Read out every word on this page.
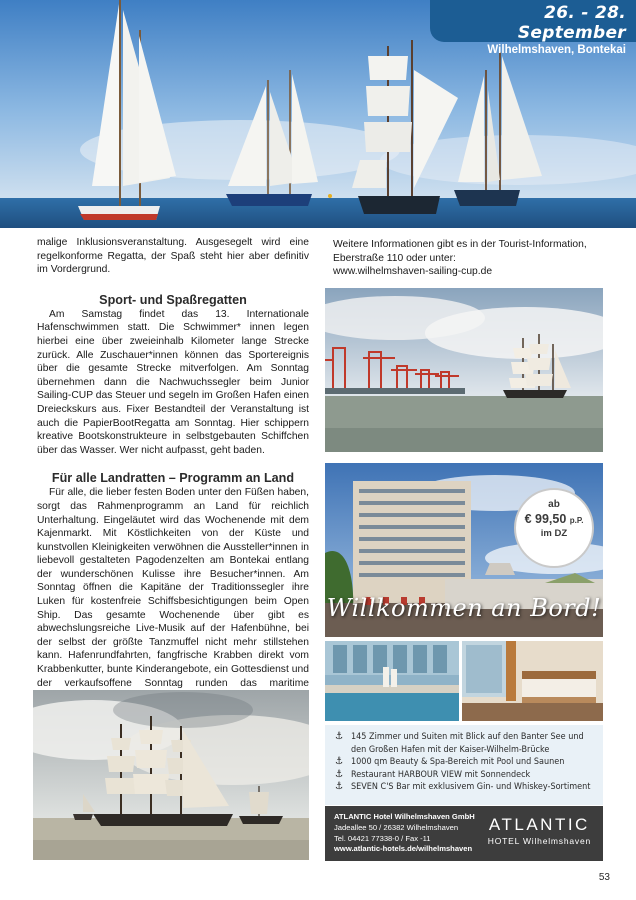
26. - 28. September
Wilhelmshaven, Bontekai

malige Inklusionsveranstaltung. Ausgesegelt wird eine regelkonforme Regatta, der Spaß steht hier aber definitiv im Vordergrund.

Sport- und Spaßregatten

Am Samstag findet das 13. Internationale Hafenschwimmen statt. Die Schwimmer* innen legen hierbei eine über zweieinhalb Kilometer lange Strecke zurück. Alle Zuschauer*innen können das Sportereignis über die gesamte Strecke mitverfolgen. Am Sonntag übernehmen dann die Nachwuchssegler beim Junior Sailing-CUP das Steuer und segeln im Großen Hafen einen Dreieckskurs aus. Fixer Bestandteil der Veranstaltung ist auch die PapierBootRegatta am Sonntag. Hier schippern kreative Bootskonstrukteure in selbstgebauten Schiffchen über das Wasser. Wer nicht aufpasst, geht baden.

Für alle Landratten – Programm an Land

Für alle, die lieber festen Boden unter den Füßen haben, sorgt das Rahmenprogramm an Land für reichlich Unterhaltung. Eingeläutet wird das Wochenende mit dem Kajenmarkt. Mit Köstlichkeiten von der Küste und kunstvollen Kleinigkeiten verwöhnen die Aussteller*innen in liebevoll gestalteten Pagodenzelten am Bontekai entlang der wunderschönen Kulisse ihre Besucher*innen. Am Sonntag öffnen die Kapitäne der Traditionssegler ihre Luken für kostenfreie Schiffsbesichtigungen beim Open Ship. Das gesamte Wochenende über gibt es abwechslungsreiche Live-Musik auf der Hafenbühne, bei der selbst der größte Tanzmuffel nicht mehr stillstehen kann. Hafenrundfahrten, fangfrische Krabben direkt vom Krabbenkutter, bunte Kinderangebote, ein Gottesdienst und der verkaufsoffene Sonntag runden das maritime

Weitere Informationen gibt es in der Tourist-Information,
Eberstraße 110 oder unter:
www.wilhelmshaven-sailing-cup.de
ab
€ 99,50 p.P.
im DZ
Willkommen an Bord!
⚓ 145 Zimmer und Suiten mit Blick auf den Banter See und den Großen Hafen mit der Kaiser-Wilhelm-Brücke
⚓ 1000 qm Beauty & Spa-Bereich mit Pool und Saunen
⚓ Restaurant HARBOUR VIEW mit Sonnendeck
⚓ SEVEN C'S Bar mit exklusivem Gin- und Whiskey-Sortiment
ATLANTIC Hotel Wilhelmshaven GmbH
Jadeallee 50 / 26382 Wilhelmshaven
Tel. 04421 77338-0 / Fax -11
www.atlantic-hotels.de/wilhelmshaven
ATLANTIC
HOTEL Wilhelmshaven
53
